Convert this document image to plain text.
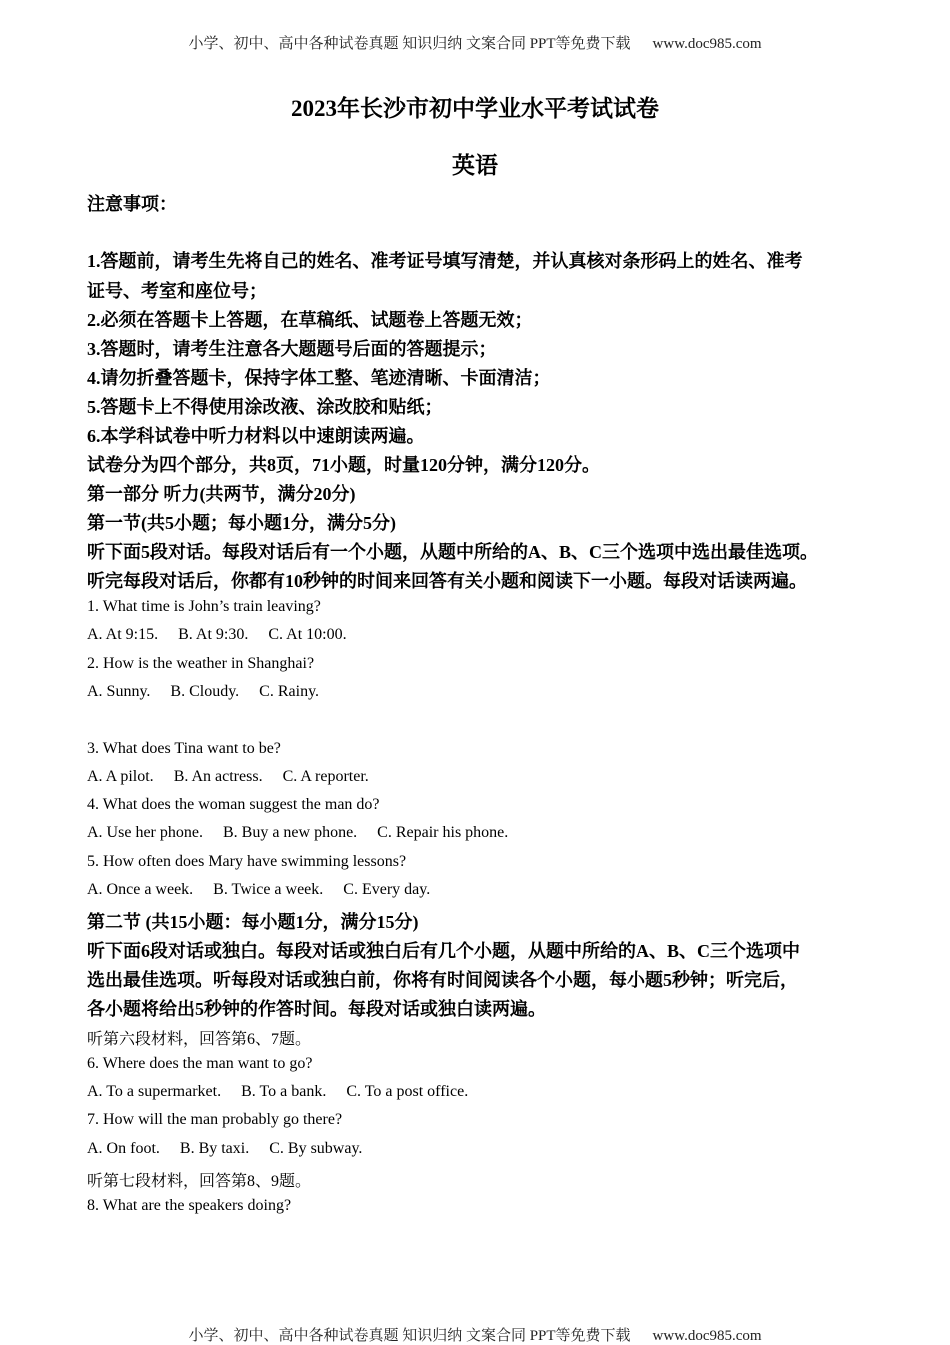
小学、初中、高中各种试卷真题 知识归纳 文案合同 PPT等免费下载 www.doc985.com
2023年长沙市初中学业水平考试试卷
英语
注意事项：
1.答题前，请考生先将自己的姓名、准考证号填写清楚，并认真核对条形码上的姓名、准考
证号、考室和座位号；
2.必须在答题卡上答题，在草稿纸、试题卷上答题无效；
3.答题时，请考生注意各大题题号后面的答题提示；
4.请勿折叠答题卡，保持字体工整、笔迹清晰、卡面清洁；
5.答题卡上不得使用涂改液、涂改胶和贴纸；
6.本学科试卷中听力材料以中速朗读两遍。
试卷分为四个部分，共8页，71小题，时量120分钟，满分120分。
第一部分 听力(共两节，满分20分)
第一节(共5小题；每小题1分，满分5分)
听下面5段对话。每段对话后有一个小题，从题中所给的A、B、C三个选项中选出最佳选项。
听完每段对话后，你都有10秒钟的时间来回答有关小题和阅读下一小题。每段对话读两遍。
1. What time is John’s train leaving?
A. At 9:15. B. At 9:30. C. At 10:00.
2. How is the weather in Shanghai?
A. Sunny. B. Cloudy. C. Rainy.
3. What does Tina want to be?
A. A pilot. B. An actress. C. A reporter.
4. What does the woman suggest the man do?
A. Use her phone. B. Buy a new phone. C. Repair his phone.
5. How often does Mary have swimming lessons?
A. Once a week. B. Twice a week. C. Every day.
第二节 (共15小题：每小题1分，满分15分)
听下面6段对话或独白。每段对话或独白后有几个小题，从题中所给的A、B、C三个选项中
选出最佳选项。听每段对话或独白前，你将有时间阅读各个小题，每小题5秒钟；听完后，
各小题将给出5秒钟的作答时间。每段对话或独白读两遍。
听第六段材料，回答第6、7题。
6. Where does the man want to go?
A. To a supermarket. B. To a bank. C. To a post office.
7. How will the man probably go there?
A. On foot. B. By taxi. C. By subway.
听第七段材料，回答第8、9题。
8. What are the speakers doing?
小学、初中、高中各种试卷真题 知识归纳 文案合同 PPT等免费下载 www.doc985.com
